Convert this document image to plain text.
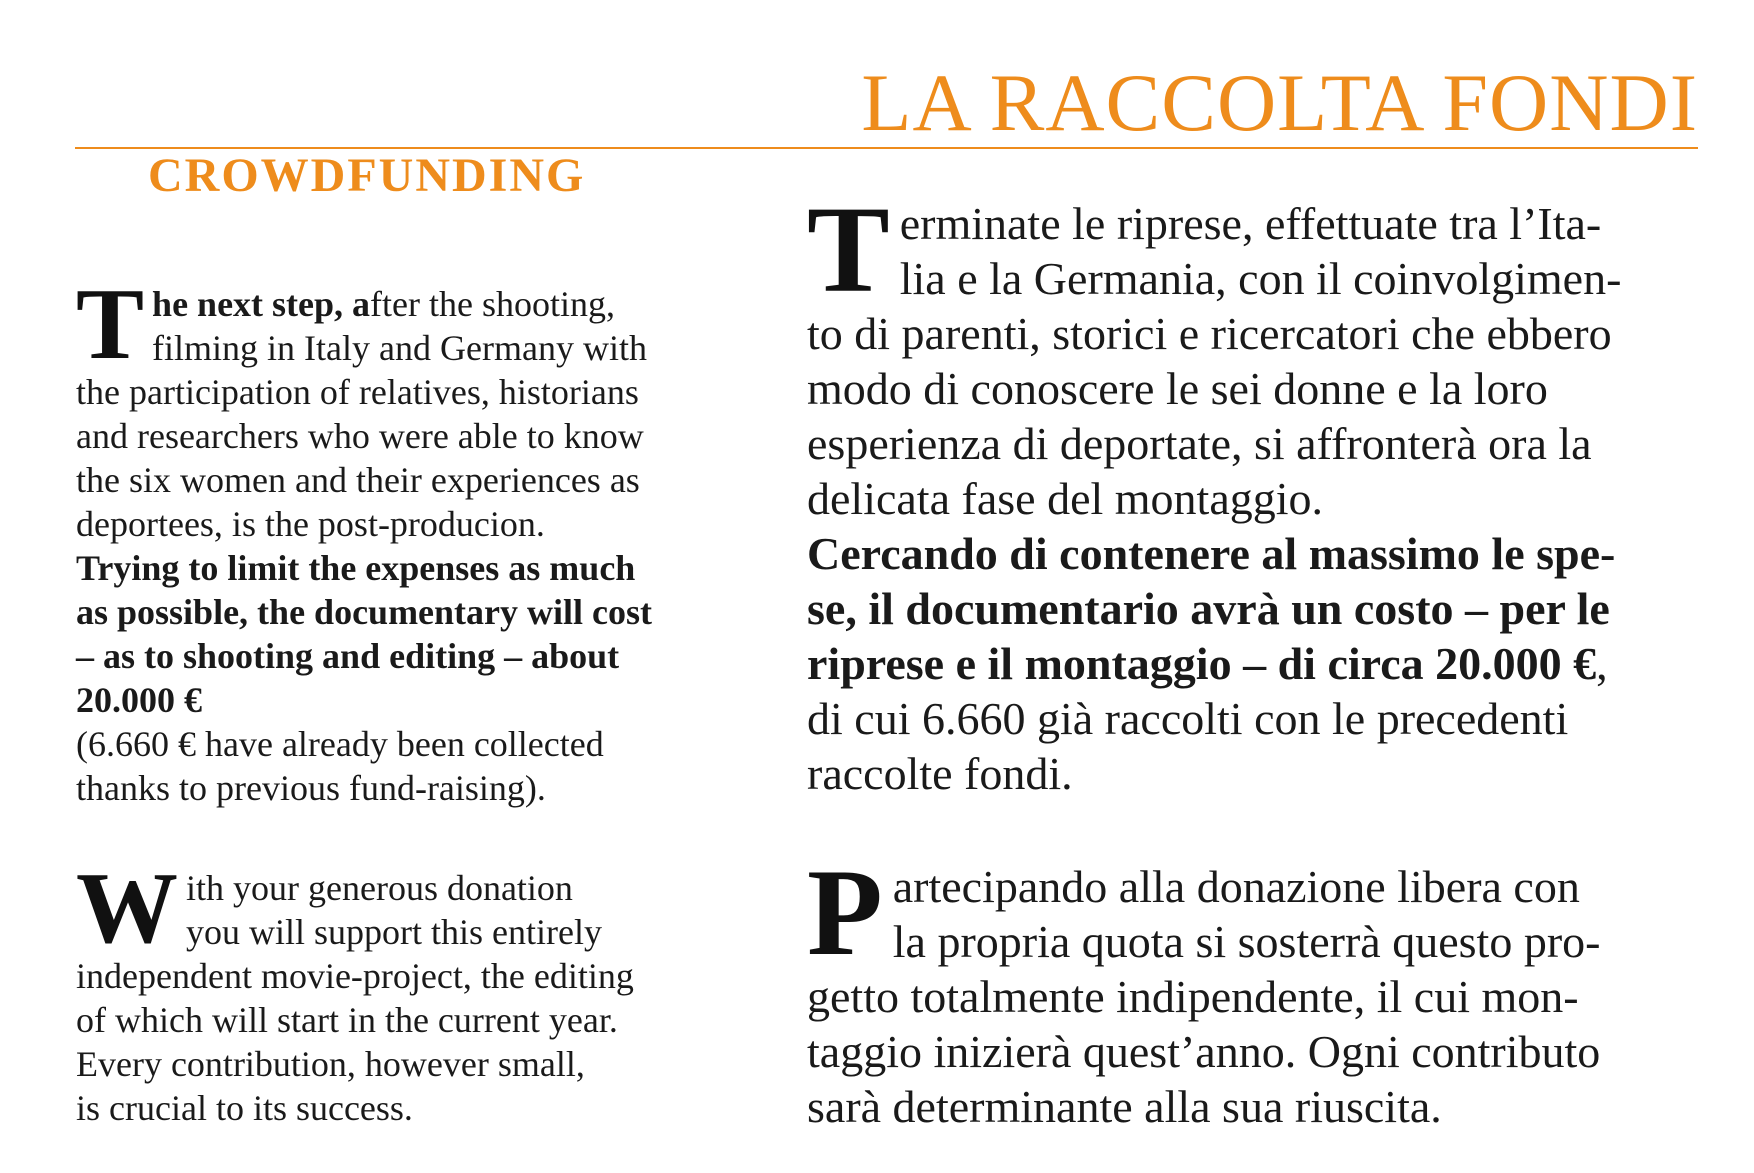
LA RACCOLTA FONDI
CROWDFUNDING
T he next step, after the shooting,
filming in Italy and Germany with
the participation of relatives, historians
and researchers who were able to know
the six women and their experiences as
deportees, is the post-producion.
Trying to limit the expenses as much
as possible, the documentary will cost
– as to shooting and editing – about
20.000 €
(6.660 € have already been collected
thanks to previous fund-raising).
W ith your generous donation
you will support this entirely
independent movie-project, the editing
of which will start in the current year.
Every contribution, however small,
is crucial to its success.
T erminate le riprese, effettuate tra l’Ita-
lia e la Germania, con il coinvolgimen-
to di parenti, storici e ricercatori che ebbero
modo di conoscere le sei donne e la loro
esperienza di deportate, si affronterà ora la
delicata fase del montaggio.
Cercando di contenere al massimo le spe-
se, il documentario avrà un costo – per le
riprese e il montaggio – di circa 20.000 €,
di cui 6.660 già raccolti con le precedenti
raccolte fondi.
P artecipando alla donazione libera con
la propria quota si sosterrà questo pro-
getto totalmente indipendente, il cui mon-
taggio inizierà quest’anno. Ogni contributo
sarà determinante alla sua riuscita.
